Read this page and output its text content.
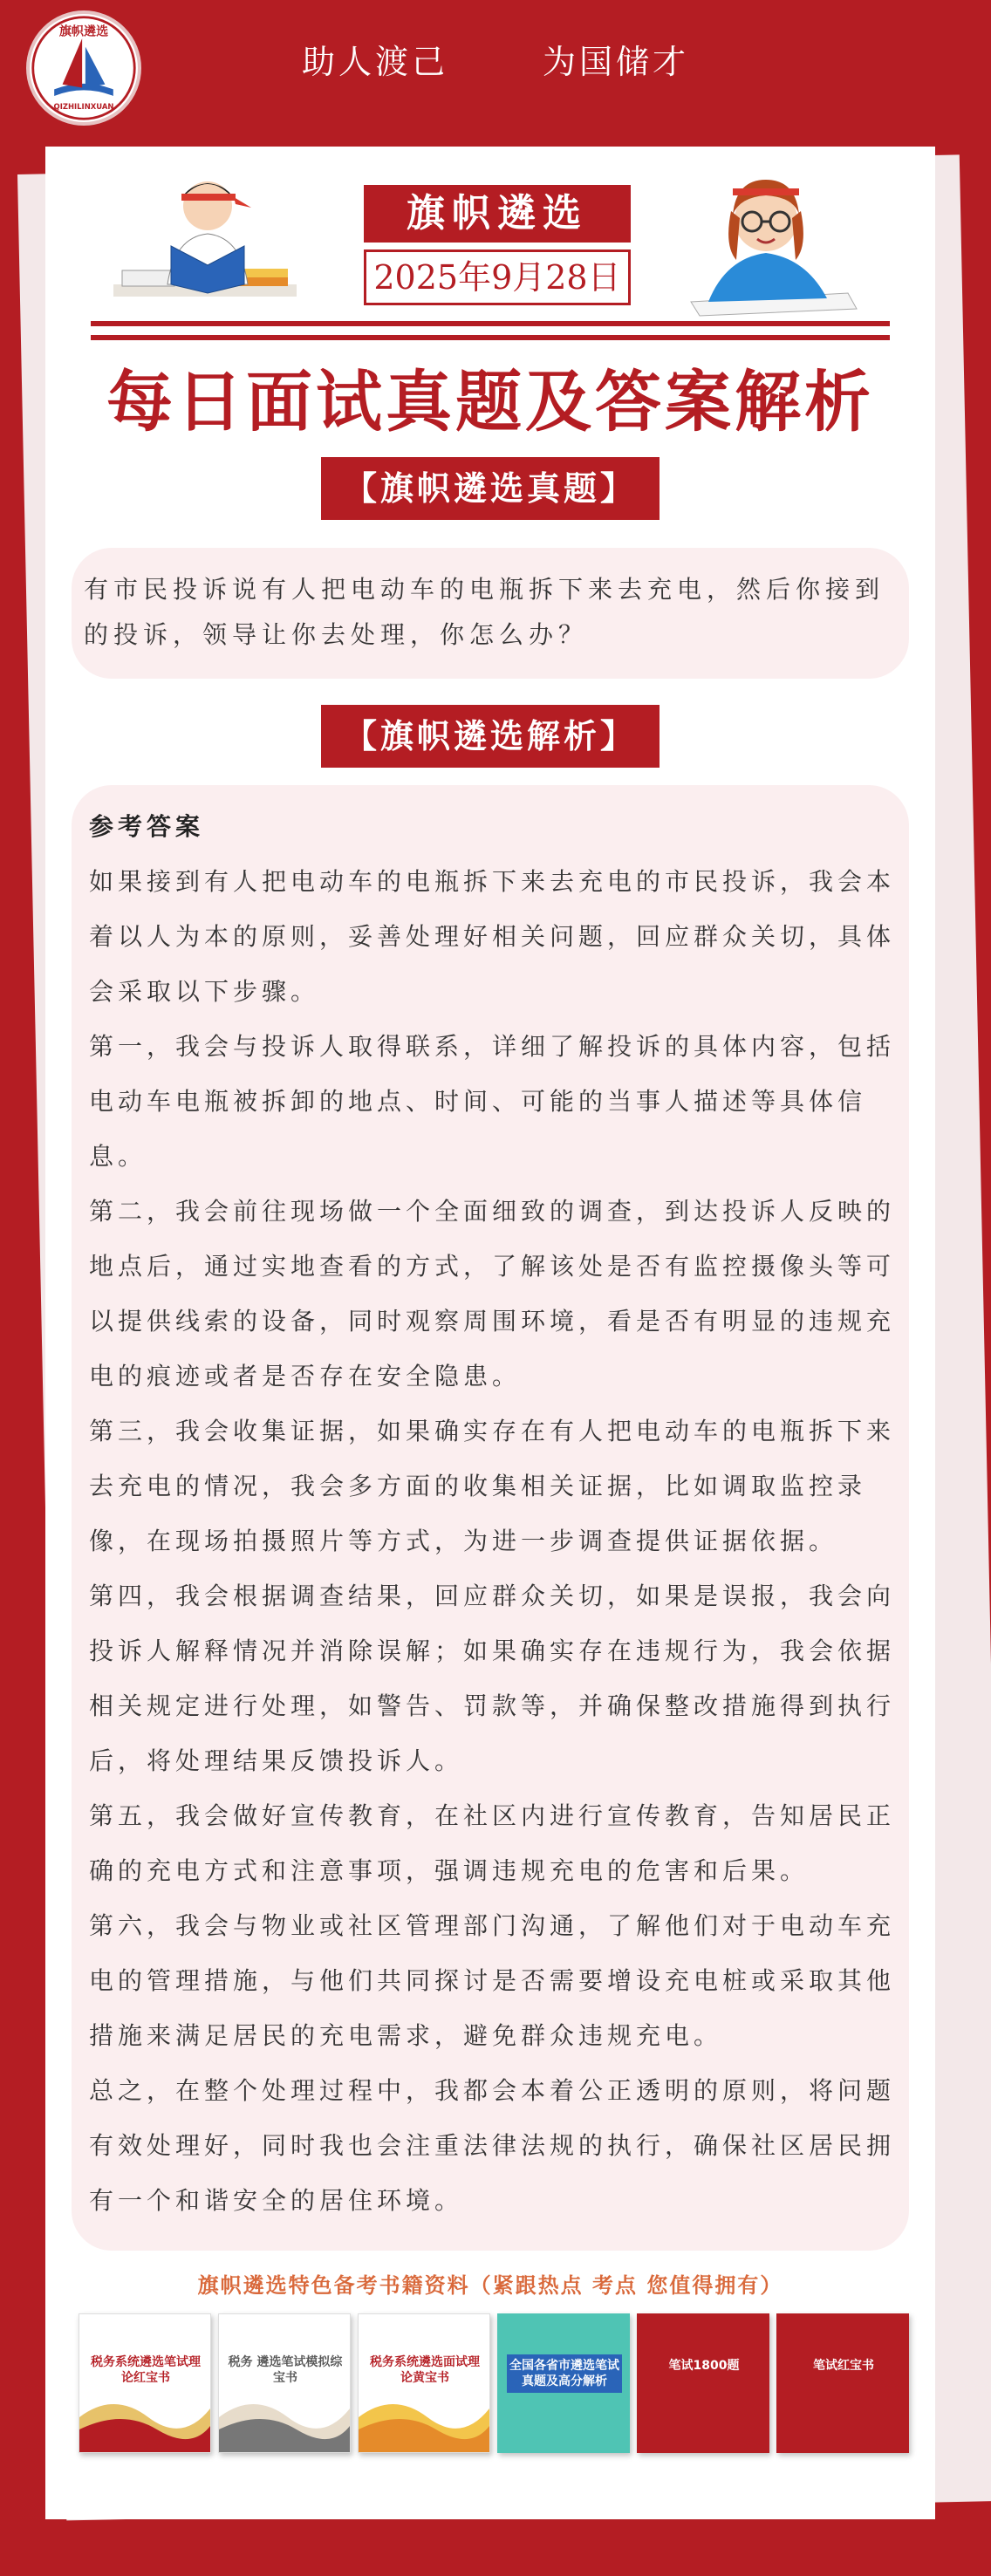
旗帜遴选
QIZHILINXUAN
助人渡己	为国储才
旗帜遴选
2025年9月28日
每日面试真题及答案解析
【旗帜遴选真题】

有市民投诉说有人把电动车的电瓶拆下来去充电，然后你接到的投诉，领导让你去处理，你怎么办？

【旗帜遴选解析】

参考答案

如果接到有人把电动车的电瓶拆下来去充电的市民投诉，我会本着以人为本的原则，妥善处理好相关问题，回应群众关切，具体会采取以下步骤。

第一，我会与投诉人取得联系，详细了解投诉的具体内容，包括电动车电瓶被拆卸的地点、时间、可能的当事人描述等具体信息。

第二，我会前往现场做一个全面细致的调查，到达投诉人反映的地点后，通过实地查看的方式，了解该处是否有监控摄像头等可以提供线索的设备，同时观察周围环境，看是否有明显的违规充电的痕迹或者是否存在安全隐患。

第三，我会收集证据，如果确实存在有人把电动车的电瓶拆下来去充电的情况，我会多方面的收集相关证据，比如调取监控录像，在现场拍摄照片等方式，为进一步调查提供证据依据。

第四，我会根据调查结果，回应群众关切，如果是误报，我会向投诉人解释情况并消除误解；如果确实存在违规行为，我会依据相关规定进行处理，如警告、罚款等，并确保整改措施得到执行后，将处理结果反馈投诉人。

第五，我会做好宣传教育，在社区内进行宣传教育，告知居民正确的充电方式和注意事项，强调违规充电的危害和后果。

第六，我会与物业或社区管理部门沟通，了解他们对于电动车充电的管理措施，与他们共同探讨是否需要增设充电桩或采取其他措施来满足居民的充电需求，避免群众违规充电。

总之，在整个处理过程中，我都会本着公正透明的原则，将问题有效处理好，同时我也会注重法律法规的执行，确保社区居民拥有一个和谐安全的居住环境。

旗帜遴选特色备考书籍资料（紧跟热点 考点 您值得拥有）
税务系统遴选笔试理论红宝书
税务 遴选笔试模拟综宝书
税务系统遴选面试理论黄宝书
全国各省市遴选笔试真题及高分解析
笔试1800题	笔试红宝书
